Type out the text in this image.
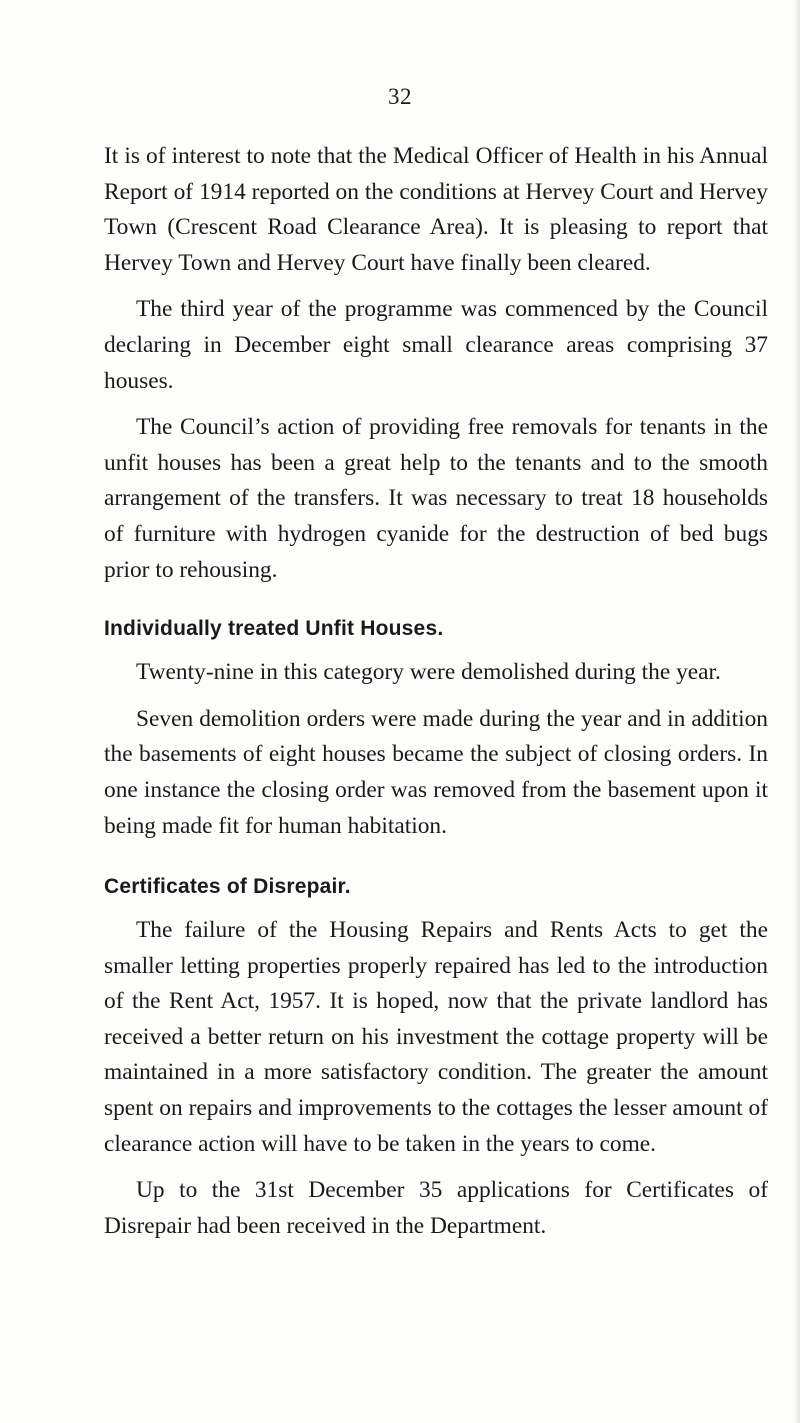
32

It is of interest to note that the Medical Officer of Health in his Annual Report of 1914 reported on the conditions at Hervey Court and Hervey Town (Crescent Road Clearance Area). It is pleasing to report that Hervey Town and Hervey Court have finally been cleared.

The third year of the programme was commenced by the Council declaring in December eight small clearance areas comprising 37 houses.

The Council’s action of providing free removals for tenants in the unfit houses has been a great help to the tenants and to the smooth arrangement of the transfers. It was necessary to treat 18 households of furniture with hydrogen cyanide for the destruction of bed bugs prior to rehousing.

Individually treated Unfit Houses.

Twenty-nine in this category were demolished during the year.

Seven demolition orders were made during the year and in addition the basements of eight houses became the subject of closing orders. In one instance the closing order was removed from the basement upon it being made fit for human habitation.

Certificates of Disrepair.

The failure of the Housing Repairs and Rents Acts to get the smaller letting properties properly repaired has led to the introduction of the Rent Act, 1957. It is hoped, now that the private landlord has received a better return on his investment the cottage property will be maintained in a more satisfactory condition. The greater the amount spent on repairs and improvements to the cottages the lesser amount of clearance action will have to be taken in the years to come.

Up to the 31st December 35 applications for Certificates of Disrepair had been received in the Department.
